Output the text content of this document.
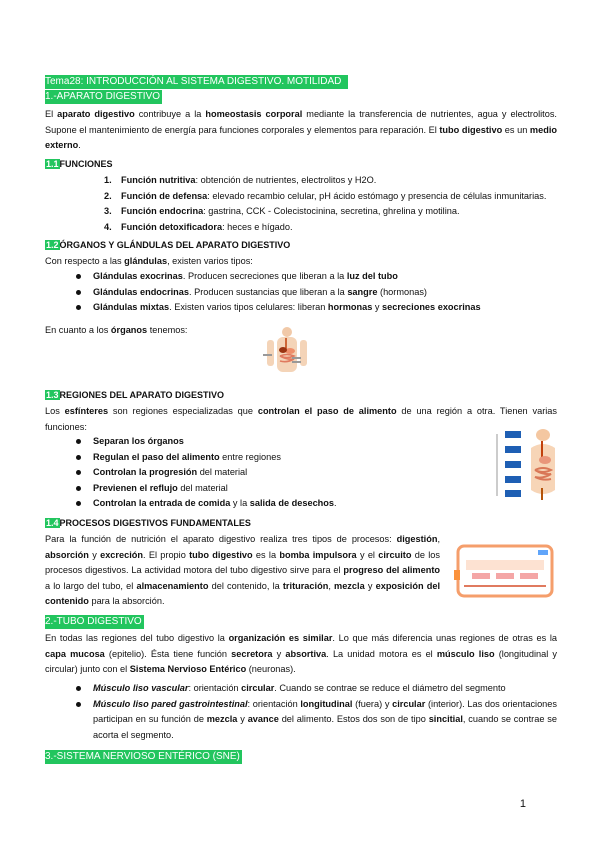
Tema28: INTRODUCCIÓN AL SISTEMA DIGESTIVO. MOTILIDAD
1.-APARATO DIGESTIVO
El aparato digestivo contribuye a la homeostasis corporal mediante la transferencia de nutrientes, agua y electrolitos. Supone el mantenimiento de energía para funciones corporales y elementos para reparación. El tubo digestivo es un medio externo.
1.1FUNCIONES
1. Función nutritiva: obtención de nutrientes, electrolitos y H2O.
2. Función de defensa: elevado recambio celular, pH ácido estómago y presencia de células inmunitarias.
3. Función endocrina: gastrina, CCK - Colecistocinina, secretina, ghrelina y motilina.
4. Función detoxificadora: heces e hígado.
1.2ÓRGANOS Y GLÁNDULAS DEL APARATO DIGESTIVO
Con respecto a las glándulas, existen varios tipos:
Glándulas exocrinas. Producen secreciones que liberan a la luz del tubo
Glándulas endocrinas. Producen sustancias que liberan a la sangre (hormonas)
Glándulas mixtas. Existen varios tipos celulares: liberan hormonas y secreciones exocrinas
En cuanto a los órganos tenemos:
1.3REGIONES DEL APARATO DIGESTIVO
Los esfínteres son regiones especializadas que controlan el paso de alimento de una región a otra. Tienen varias funciones:
Separan los órganos
Regulan el paso del alimento entre regiones
Controlan la progresión del material
Previenen el reflujo del material
Controlan la entrada de comida y la salida de desechos.
1.4PROCESOS DIGESTIVOS FUNDAMENTALES
Para la función de nutrición el aparato digestivo realiza tres tipos de procesos: digestión, absorción y excreción. El propio tubo digestivo es la bomba impulsora y el circuito de los procesos digestivos. La actividad motora del tubo digestivo sirve para el progreso del alimento a lo largo del tubo, el almacenamiento del contenido, la trituración, mezcla y exposición del contenido para la absorción.
2.-TUBO DIGESTIVO
En todas las regiones del tubo digestivo la organización es similar. Lo que más diferencia unas regiones de otras es la capa mucosa (epitelio). Ésta tiene función secretora y absortiva. La unidad motora es el músculo liso (longitudinal y circular) junto con el Sistema Nervioso Entérico (neuronas).
Músculo liso vascular: orientación circular. Cuando se contrae se reduce el diámetro del segmento
Músculo liso pared gastrointestinal: orientación longitudinal (fuera) y circular (interior). Las dos orientaciones participan en su función de mezcla y avance del alimento. Estos dos son de tipo sincitial, cuando se contrae se acorta el segmento.
3.-SISTEMA NERVIOSO ENTÉRICO (SNE)
1
